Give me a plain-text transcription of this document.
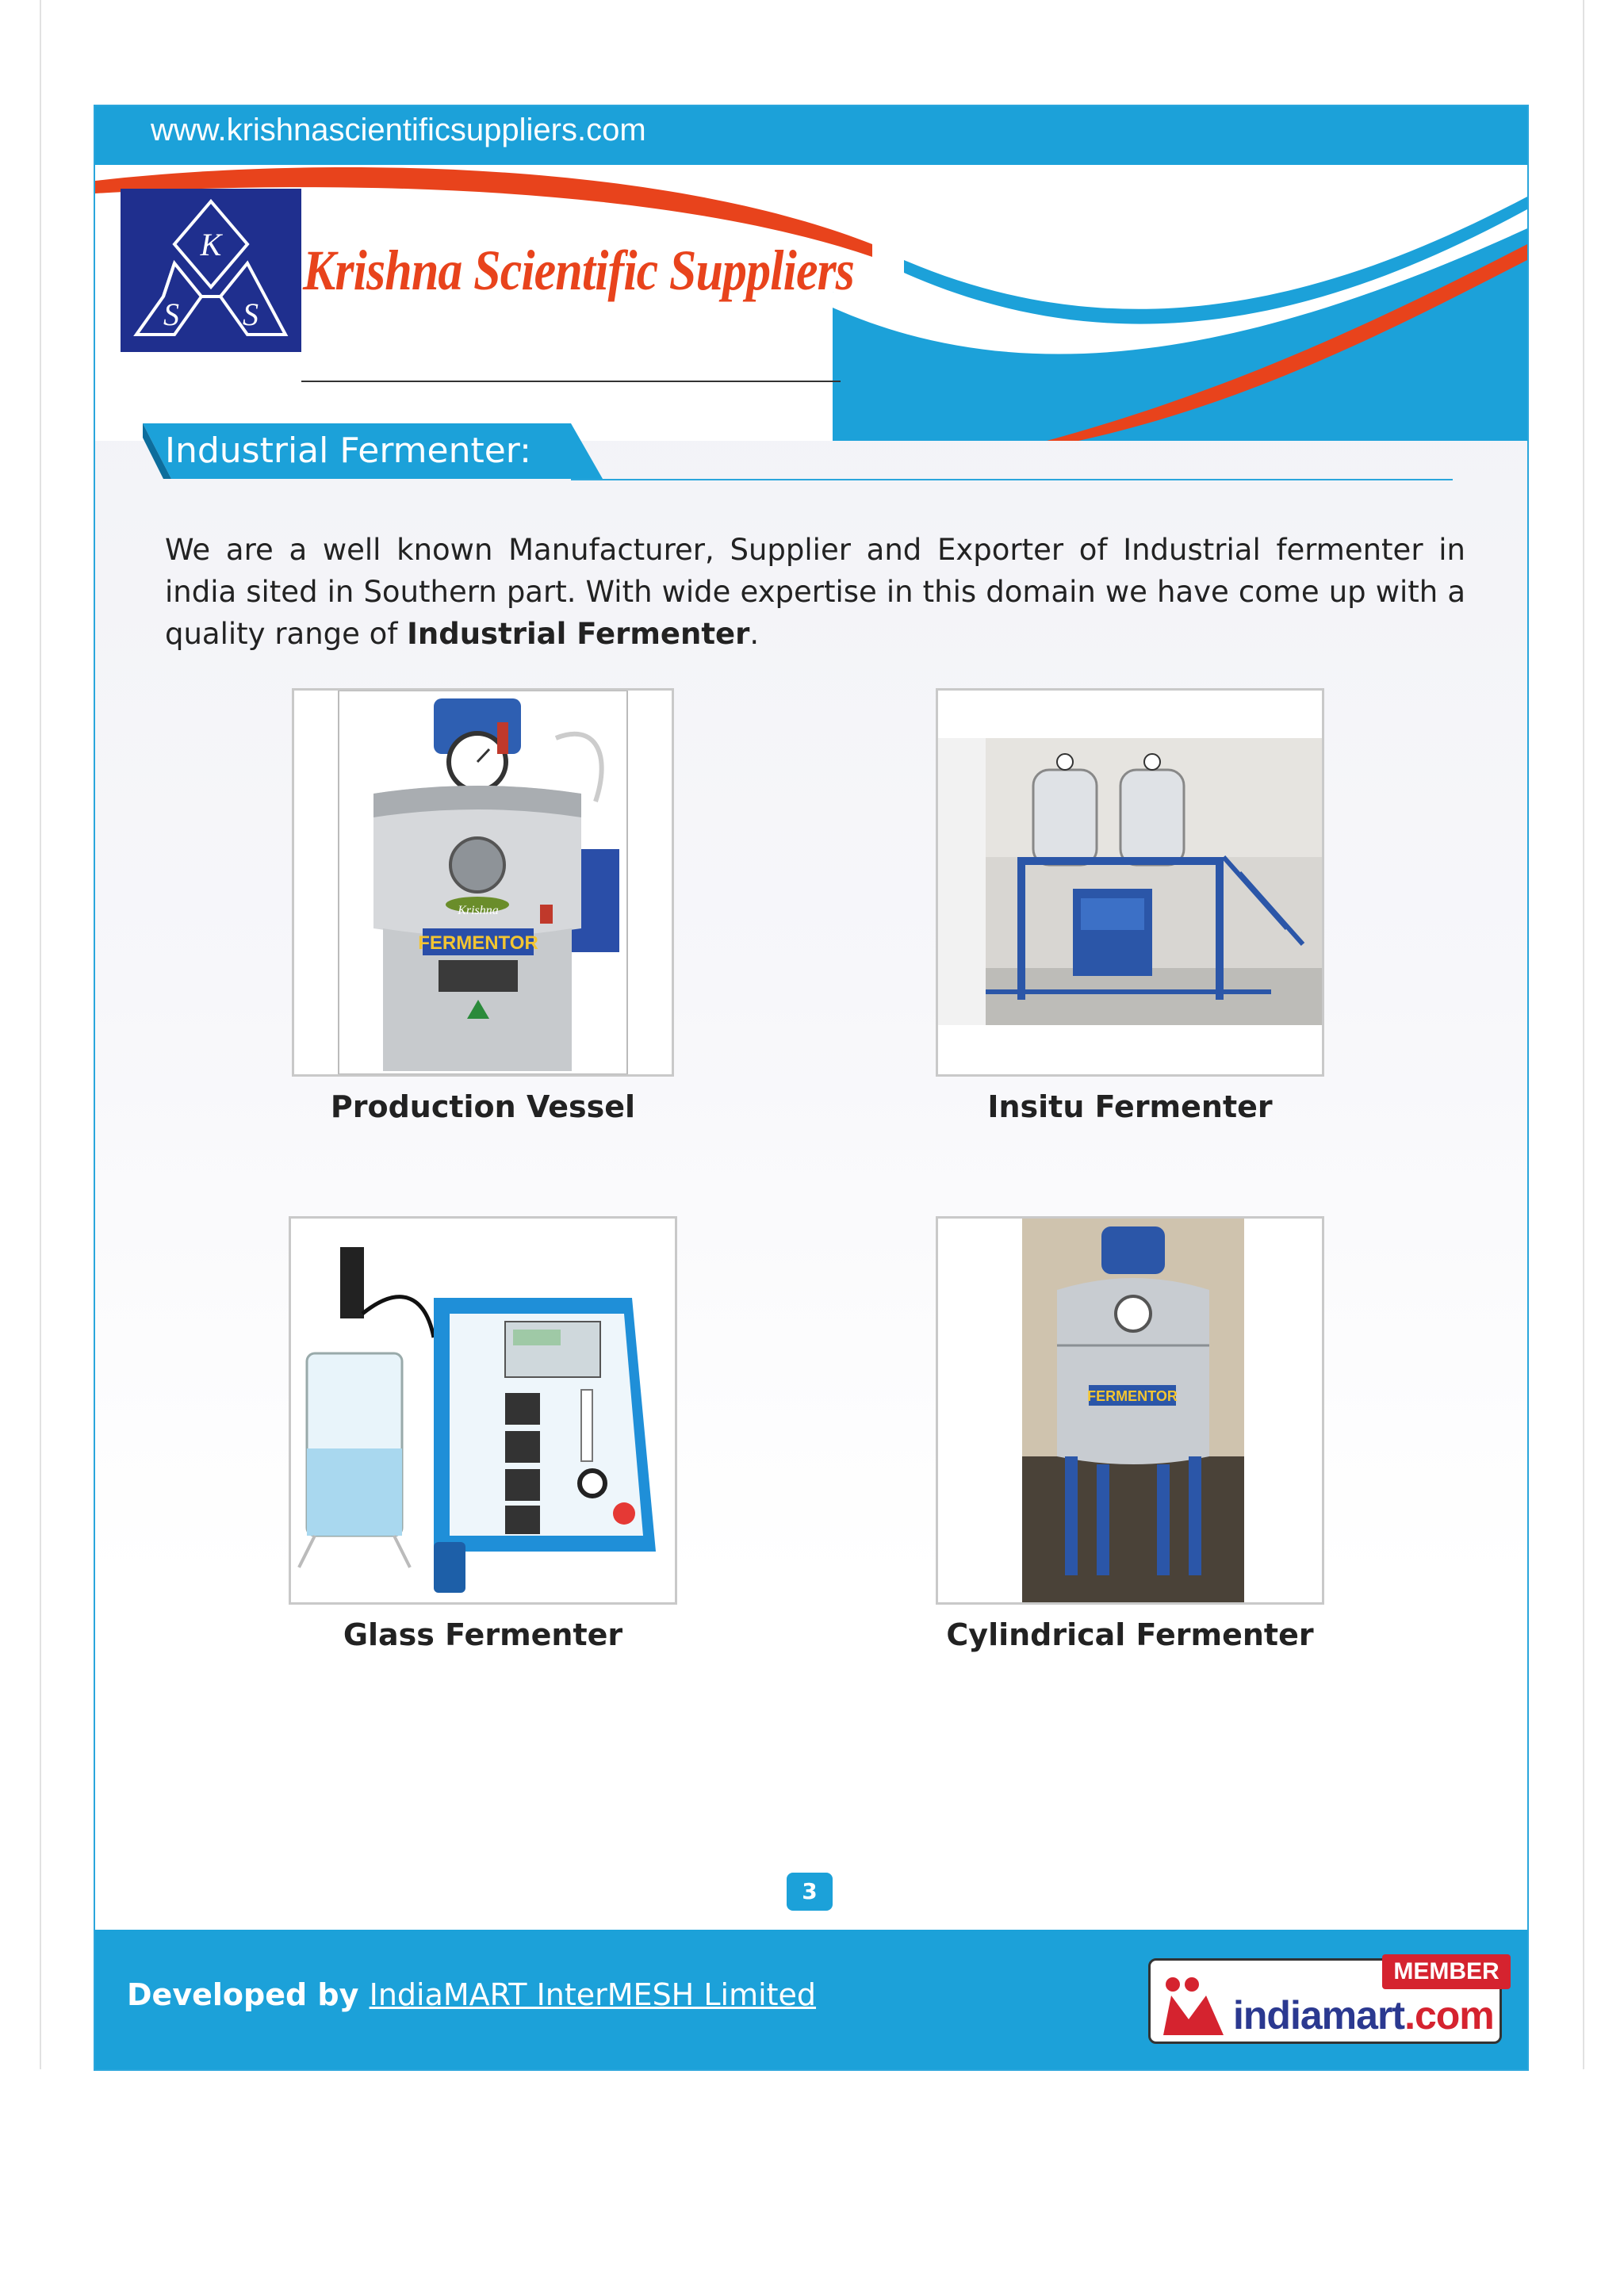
www.krishnascientificsuppliers.com
K
S S
Krishna Scientific Suppliers
Industrial Fermenter:

We are a well known Manufacturer, Supplier and Exporter of Industrial fermenter in india sited in Southern part. With wide expertise in this domain we have come up with a quality range of Industrial Fermenter.

FERMENTOR
Krishna
Production Vessel	Insitu Fermenter
Glass Fermenter
FERMENTOR
Cylindrical Fermenter
3
Developed by IndiaMART InterMESH Limited
MEMBER
indiamart.com
